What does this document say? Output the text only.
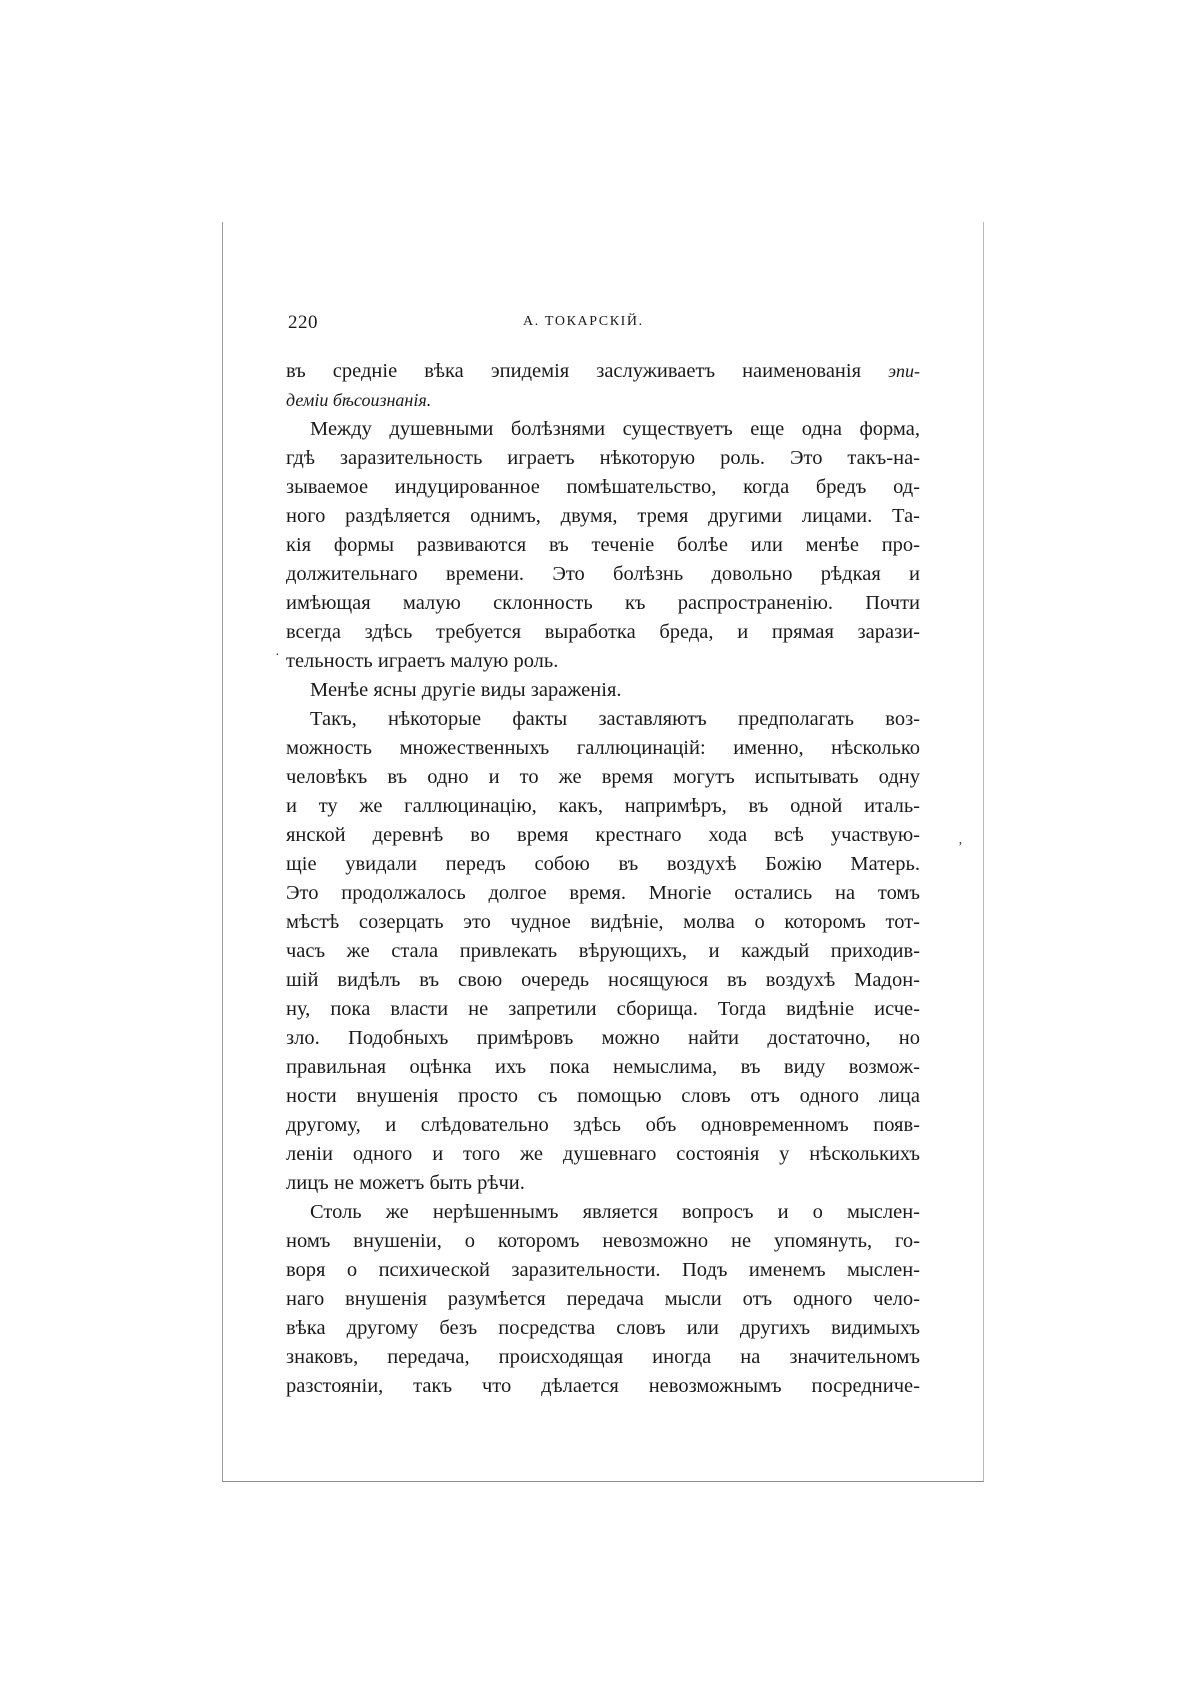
220	А. ТОКАРСКІЙ.
·
ʼ
въ средніе вѣка эпидемія заслуживаетъ наименованія эпи-
деміи бѣсоизнанія.
Между душевными болѣзнями существуетъ еще одна форма,
гдѣ заразительность играетъ нѣкоторую роль. Это такъ-на-
зываемое индуцированное помѣшательство, когда бредъ од-
ного раздѣляется однимъ, двумя, тремя другими лицами. Та-
кія формы развиваются въ теченіе болѣе или менѣе про-
должительнаго времени. Это болѣзнь довольно рѣдкая и
имѣющая малую склонность къ распространенію. Почти
всегда здѣсь требуется выработка бреда, и прямая зарази-
тельность играетъ малую роль.
Менѣе ясны другіе виды зараженія.
Такъ, нѣкоторые факты заставляютъ предполагать воз-
можность множественныхъ галлюцинацій: именно, нѣсколько
человѣкъ въ одно и то же время могутъ испытывать одну
и ту же галлюцинацію, какъ, напримѣръ, въ одной италь-
янской деревнѣ во время крестнаго хода всѣ участвую-
щіе увидали передъ собою въ воздухѣ Божію Матерь.
Это продолжалось долгое время. Многіе остались на томъ
мѣстѣ созерцать это чудное видѣніе, молва о которомъ тот-
часъ же стала привлекать вѣрующихъ, и каждый приходив-
шій видѣлъ въ свою очередь носящуюся въ воздухѣ Мадон-
ну, пока власти не запретили сборища. Тогда видѣніе исче-
зло. Подобныхъ примѣровъ можно найти достаточно, но
правильная оцѣнка ихъ пока немыслима, въ виду возмож-
ности внушенія просто съ помощью словъ отъ одного лица
другому, и слѣдовательно здѣсь объ одновременномъ появ-
леніи одного и того же душевнаго состоянія у нѣсколькихъ
лицъ не можетъ быть рѣчи.
Столь же нерѣшеннымъ является вопросъ и о мыслен-
номъ внушеніи, о которомъ невозможно не упомянуть, го-
воря о психической заразительности. Подъ именемъ мыслен-
наго внушенія разумѣется передача мысли отъ одного чело-
вѣка другому безъ посредства словъ или другихъ видимыхъ
знаковъ, передача, происходящая иногда на значительномъ
разстояніи, такъ что дѣлается невозможнымъ посредниче-
